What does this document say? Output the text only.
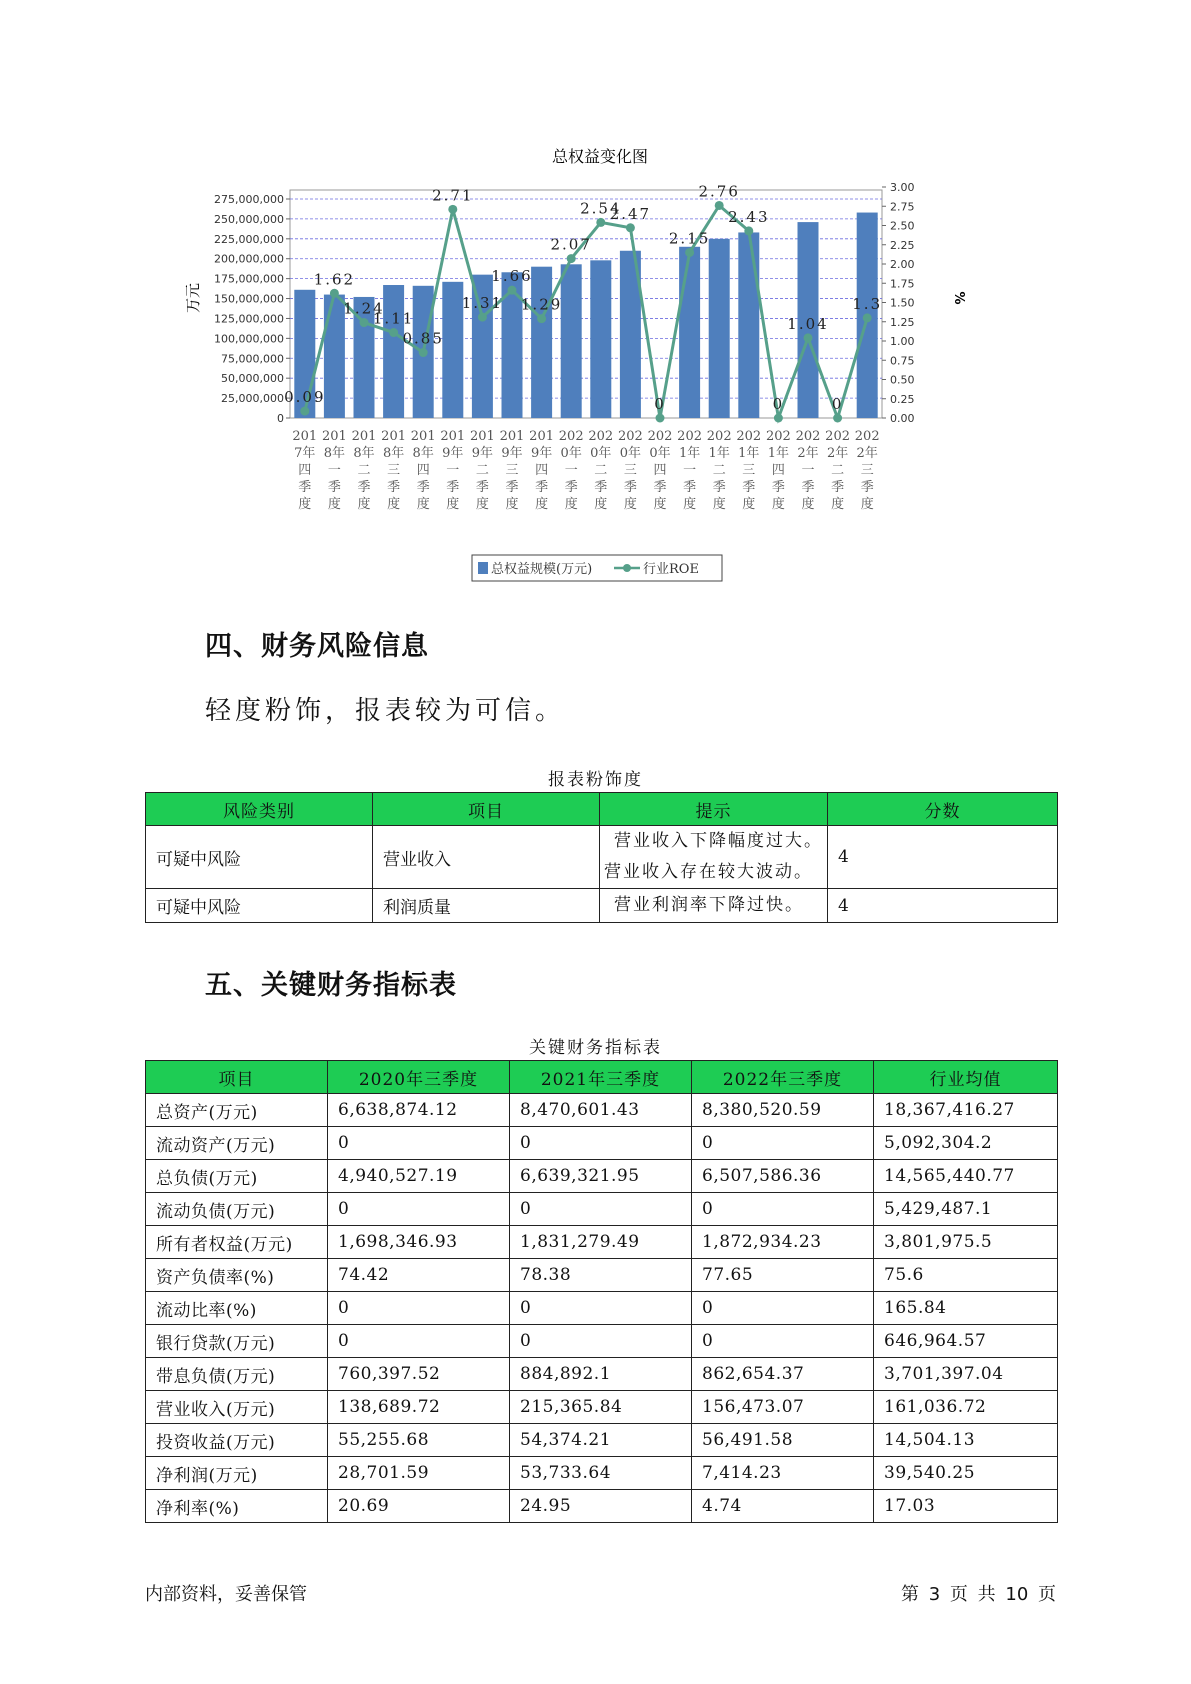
总权益变化图
275,000,000
250,000,000
225,000,000
200,000,000
175,000,000
150,000,000
125,000,000
100,000,000
75,000,000
50,000,000
25,000,000
0
3.00
2.75
2.50
2.25
2.00
1.75
1.50
1.25
1.00
0.75
0.50
0.25
0.00
万元	%
0.09
1.62
1.24
1.11
0.85
2.71
1.31
1.66
1.29
2.07
2.54
2.47
0
2.15
2.76
2.43
0
1.04
0
1.3
201
7年
四
季
度
201
8年
一
季
度
201
8年
二
季
度
201
8年
三
季
度
201
8年
四
季
度
201
9年
一
季
度
201
9年
二
季
度
201
9年
三
季
度
201
9年
四
季
度
202
0年
一
季
度
202
0年
二
季
度
202
0年
三
季
度
202
0年
四
季
度
202
1年
一
季
度
202
1年
二
季
度
202
1年
三
季
度
202
1年
四
季
度
202
2年
一
季
度
202
2年
二
季
度
202
2年
三
季
度
总权益规模(万元)	行业ROE
四、财务风险信息
轻度粉饰，报表较为可信。
报表粉饰度
风险类别	项目	提示	分数
可疑中风险	营业收入	营业收入下降幅度过大。
营业收入存在较大波动。	4
可疑中风险	利润质量	营业利润率下降过快。	4
五、关键财务指标表
关键财务指标表
项目	2020年三季度	2021年三季度	2022年三季度	行业均值
总资产(万元)	6,638,874.12	8,470,601.43	8,380,520.59	18,367,416.27
流动资产(万元)	0	0	0	5,092,304.2
总负债(万元)	4,940,527.19	6,639,321.95	6,507,586.36	14,565,440.77
流动负债(万元)	0	0	0	5,429,487.1
所有者权益(万元)	1,698,346.93	1,831,279.49	1,872,934.23	3,801,975.5
资产负债率(%)	74.42	78.38	77.65	75.6
流动比率(%)	0	0	0	165.84
银行贷款(万元)	0	0	0	646,964.57
带息负债(万元)	760,397.52	884,892.1	862,654.37	3,701,397.04
营业收入(万元)	138,689.72	215,365.84	156,473.07	161,036.72
投资收益(万元)	55,255.68	54,374.21	56,491.58	14,504.13
净利润(万元)	28,701.59	53,733.64	7,414.23	39,540.25
净利率(%)	20.69	24.95	4.74	17.03
内部资料，妥善保管	第 3 页 共 10 页
